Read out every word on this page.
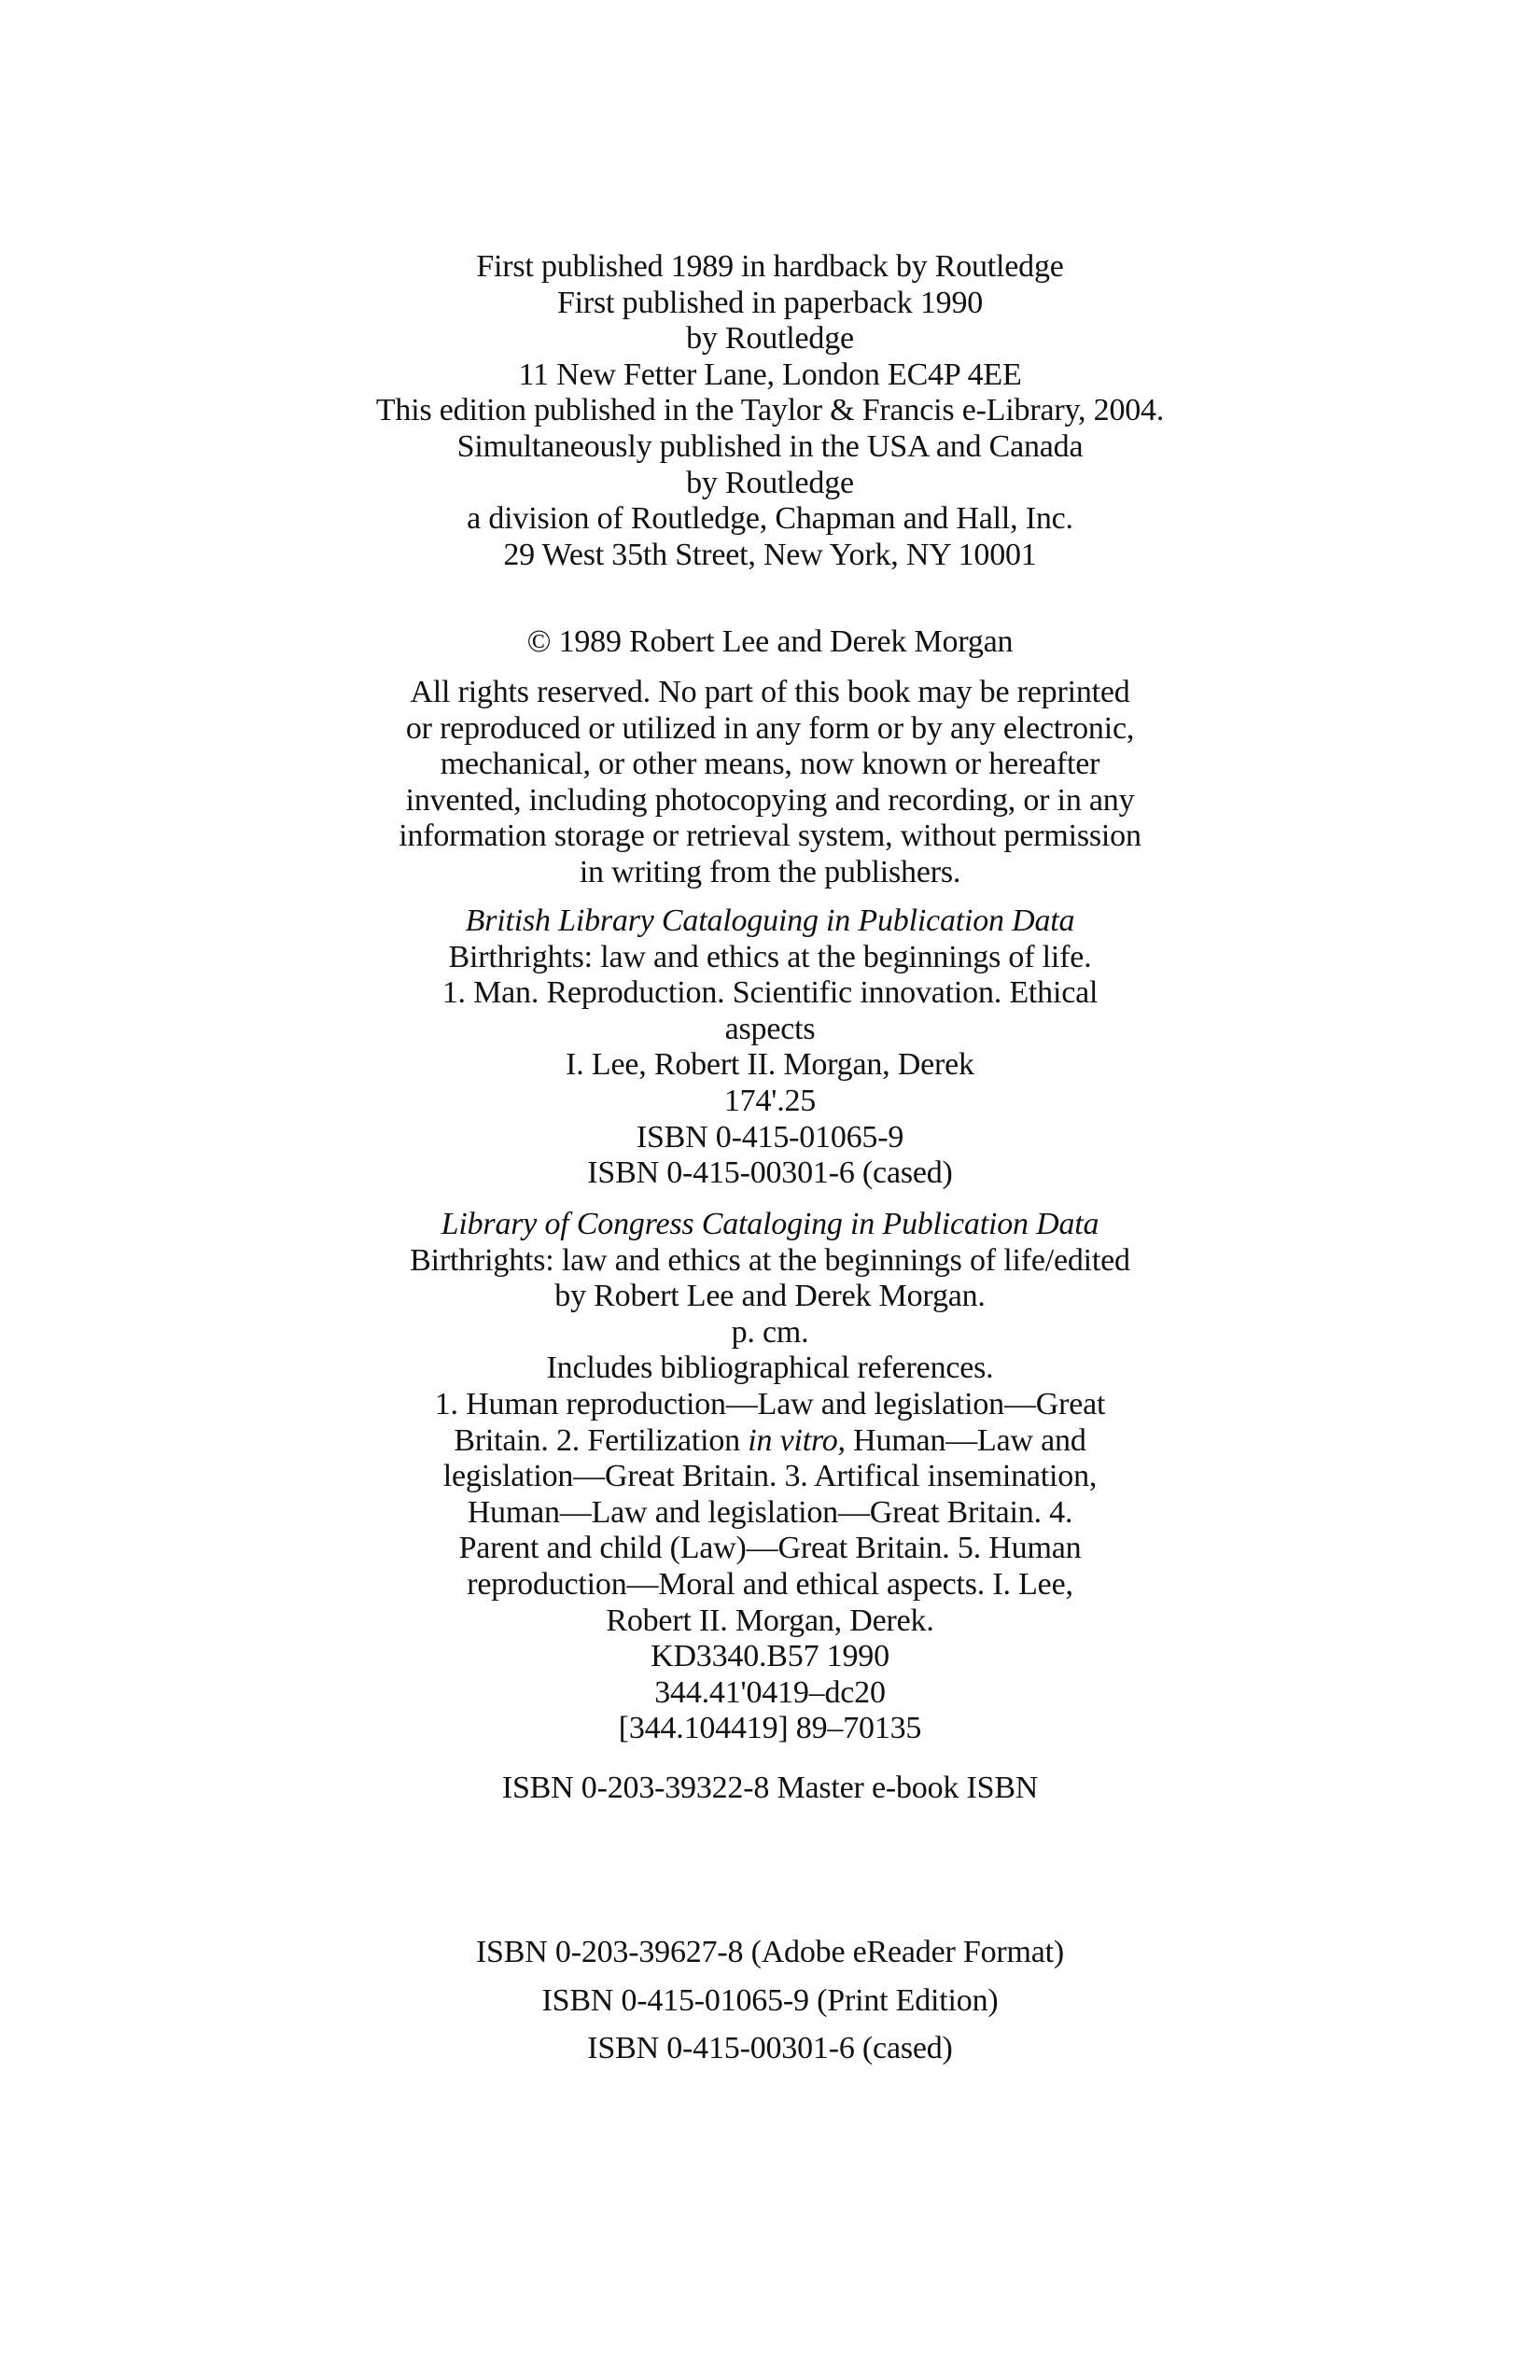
First published 1989 in hardback by Routledge
First published in paperback 1990
by Routledge
11 New Fetter Lane, London EC4P 4EE
This edition published in the Taylor & Francis e-Library, 2004.
Simultaneously published in the USA and Canada
by Routledge
a division of Routledge, Chapman and Hall, Inc.
29 West 35th Street, New York, NY 10001
© 1989 Robert Lee and Derek Morgan
All rights reserved. No part of this book may be reprinted
or reproduced or utilized in any form or by any electronic,
mechanical, or other means, now known or hereafter
invented, including photocopying and recording, or in any
information storage or retrieval system, without permission
in writing from the publishers.
British Library Cataloguing in Publication Data
Birthrights: law and ethics at the beginnings of life.
1. Man. Reproduction. Scientific innovation. Ethical
aspects
I. Lee, Robert II. Morgan, Derek
174'.25
ISBN 0-415-01065-9
ISBN 0-415-00301-6 (cased)
Library of Congress Cataloging in Publication Data
Birthrights: law and ethics at the beginnings of life/edited
by Robert Lee and Derek Morgan.
p. cm.
Includes bibliographical references.
1. Human reproduction—Law and legislation—Great
Britain. 2. Fertilization in vitro, Human—Law and
legislation—Great Britain. 3. Artifical insemination,
Human—Law and legislation—Great Britain. 4.
Parent and child (Law)—Great Britain. 5. Human
reproduction—Moral and ethical aspects. I. Lee,
Robert II. Morgan, Derek.
KD3340.B57 1990
344.41'0419–dc20
[344.104419] 89–70135
ISBN 0-203-39322-8 Master e-book ISBN
ISBN 0-203-39627-8 (Adobe eReader Format)
ISBN 0-415-01065-9 (Print Edition)
ISBN 0-415-00301-6 (cased)
